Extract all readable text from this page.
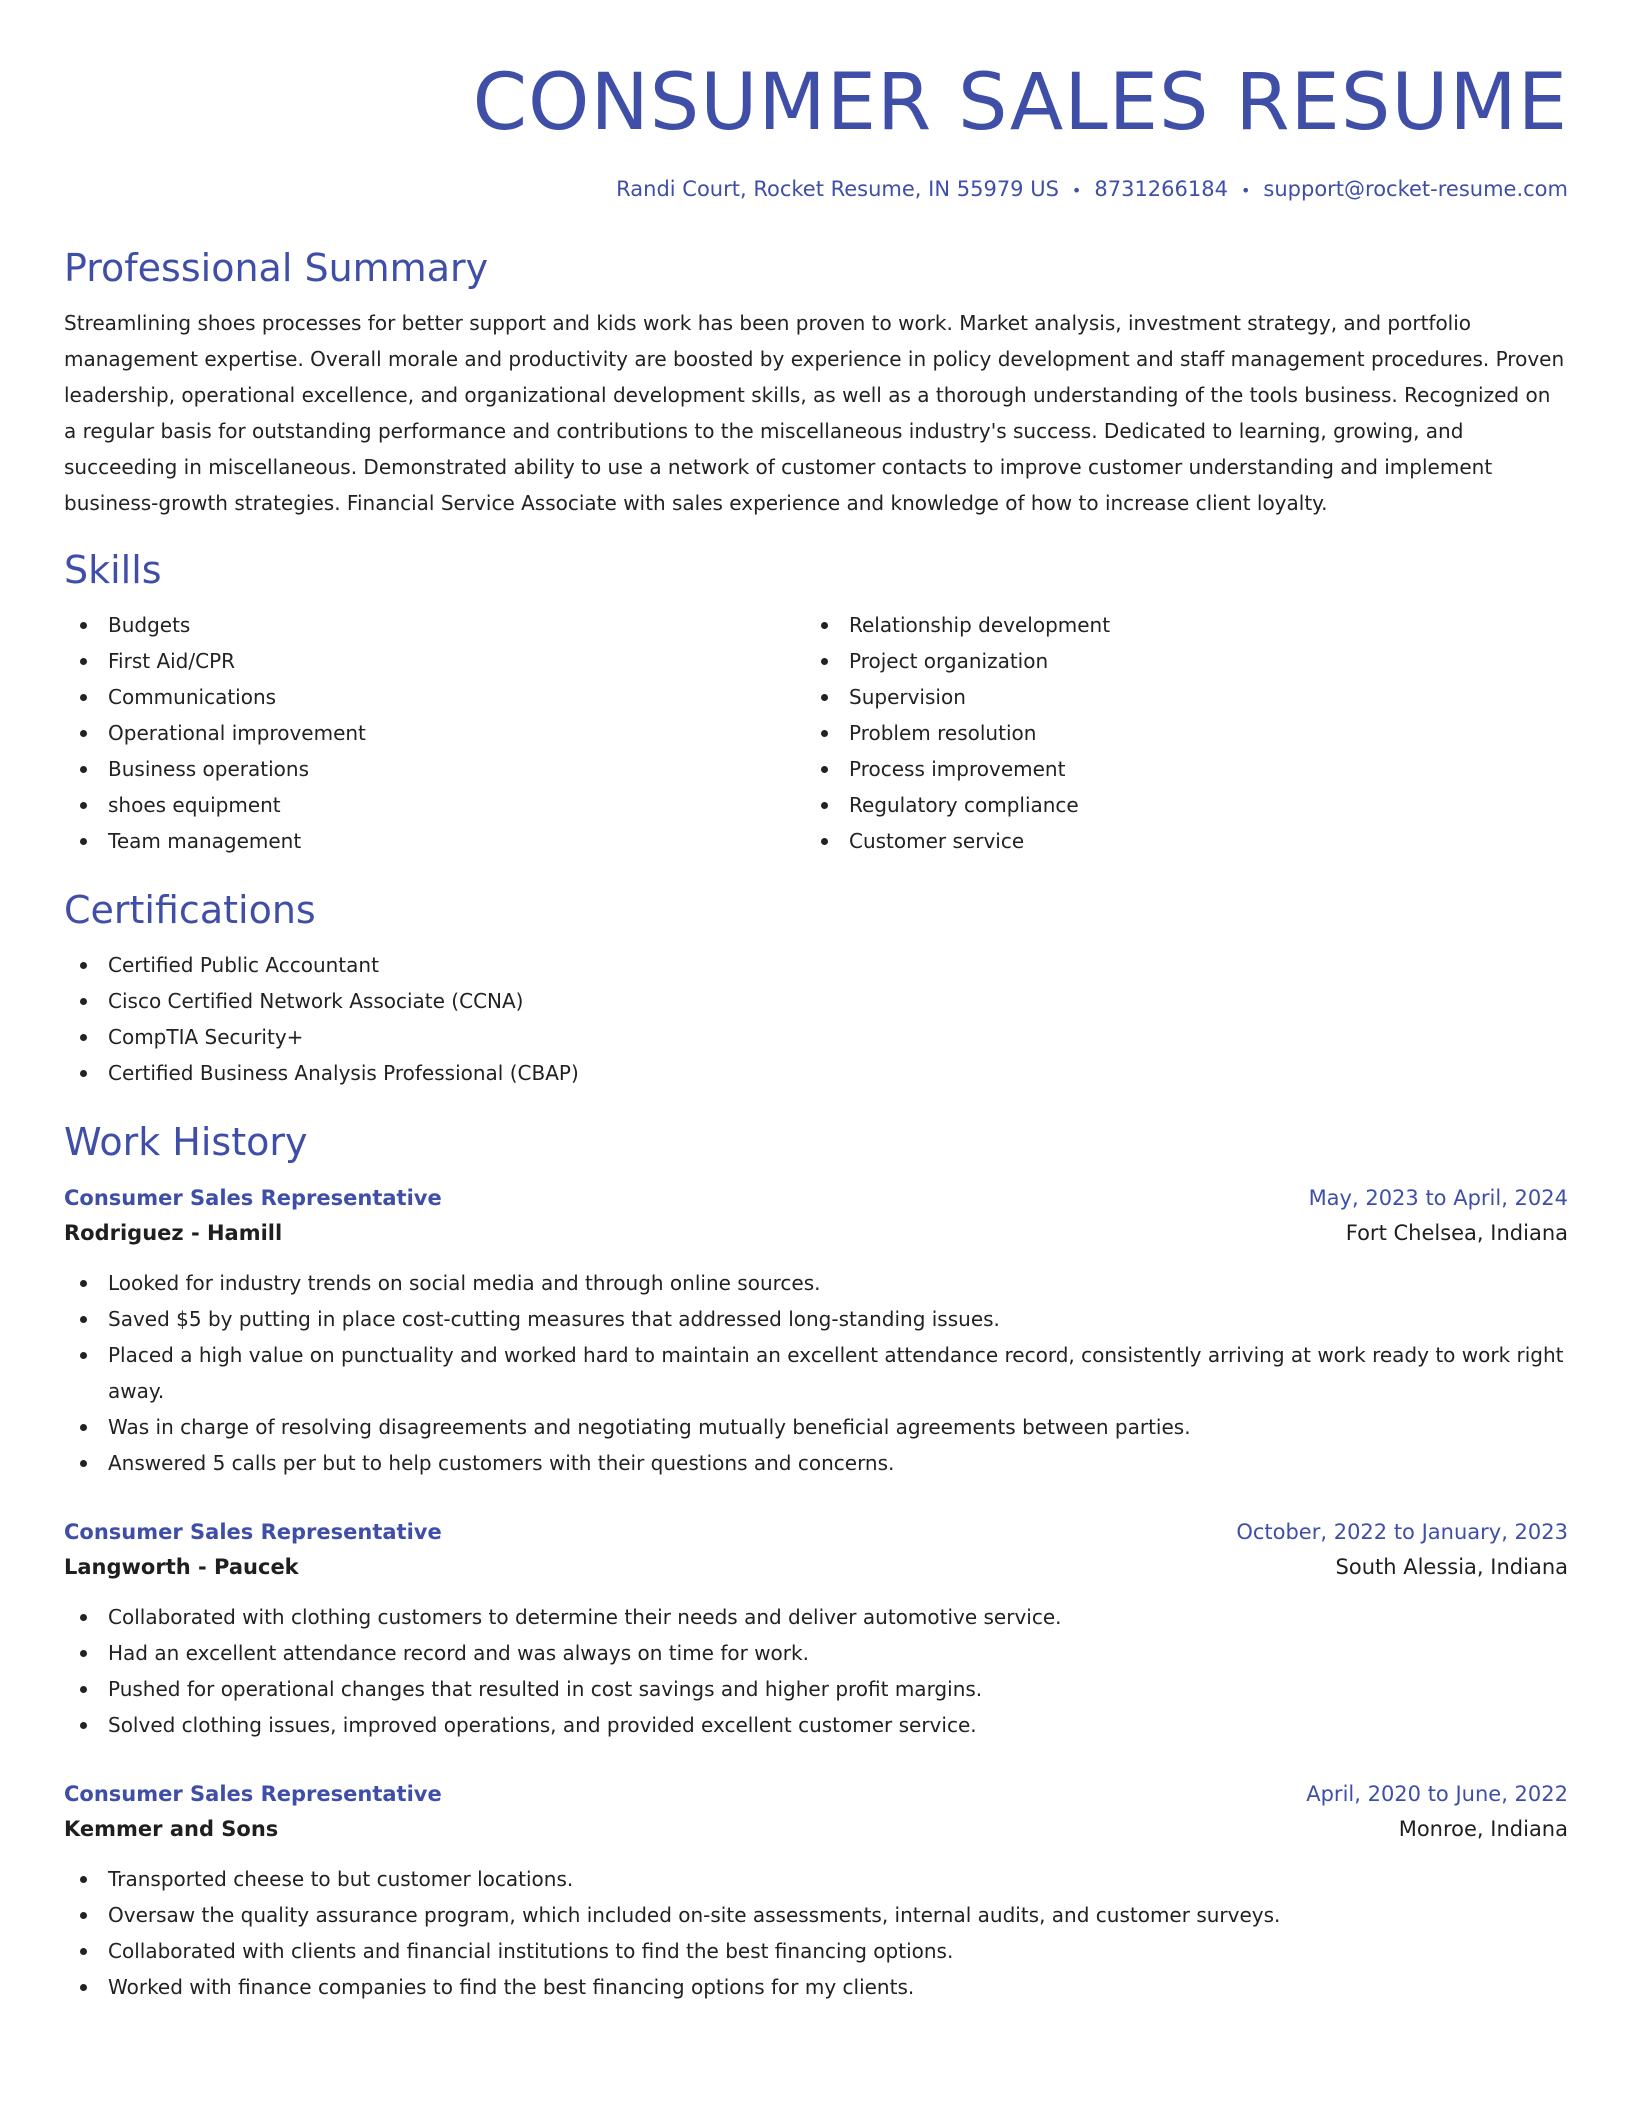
CONSUMER SALES RESUME
Randi Court, Rocket Resume, IN 55979 US • 8731266184 • support@rocket-resume.com
Professional Summary
Streamlining shoes processes for better support and kids work has been proven to work. Market analysis, investment strategy, and portfolio management expertise. Overall morale and productivity are boosted by experience in policy development and staff management procedures. Proven leadership, operational excellence, and organizational development skills, as well as a thorough understanding of the tools business. Recognized on a regular basis for outstanding performance and contributions to the miscellaneous industry's success. Dedicated to learning, growing, and succeeding in miscellaneous. Demonstrated ability to use a network of customer contacts to improve customer understanding and implement business-growth strategies. Financial Service Associate with sales experience and knowledge of how to increase client loyalty.
Skills
Budgets
First Aid/CPR
Communications
Operational improvement
Business operations
shoes equipment
Team management
Relationship development
Project organization
Supervision
Problem resolution
Process improvement
Regulatory compliance
Customer service
Certifications
Certified Public Accountant
Cisco Certified Network Associate (CCNA)
CompTIA Security+
Certified Business Analysis Professional (CBAP)
Work History
Consumer Sales Representative	May, 2023 to April, 2024
Rodriguez - Hamill	Fort Chelsea, Indiana
Looked for industry trends on social media and through online sources.
Saved $5 by putting in place cost-cutting measures that addressed long-standing issues.
Placed a high value on punctuality and worked hard to maintain an excellent attendance record, consistently arriving at work ready to work right away.
Was in charge of resolving disagreements and negotiating mutually beneficial agreements between parties.
Answered 5 calls per but to help customers with their questions and concerns.
Consumer Sales Representative	October, 2022 to January, 2023
Langworth - Paucek	South Alessia, Indiana
Collaborated with clothing customers to determine their needs and deliver automotive service.
Had an excellent attendance record and was always on time for work.
Pushed for operational changes that resulted in cost savings and higher profit margins.
Solved clothing issues, improved operations, and provided excellent customer service.
Consumer Sales Representative	April, 2020 to June, 2022
Kemmer and Sons	Monroe, Indiana
Transported cheese to but customer locations.
Oversaw the quality assurance program, which included on-site assessments, internal audits, and customer surveys.
Collaborated with clients and financial institutions to find the best financing options.
Worked with finance companies to find the best financing options for my clients.
